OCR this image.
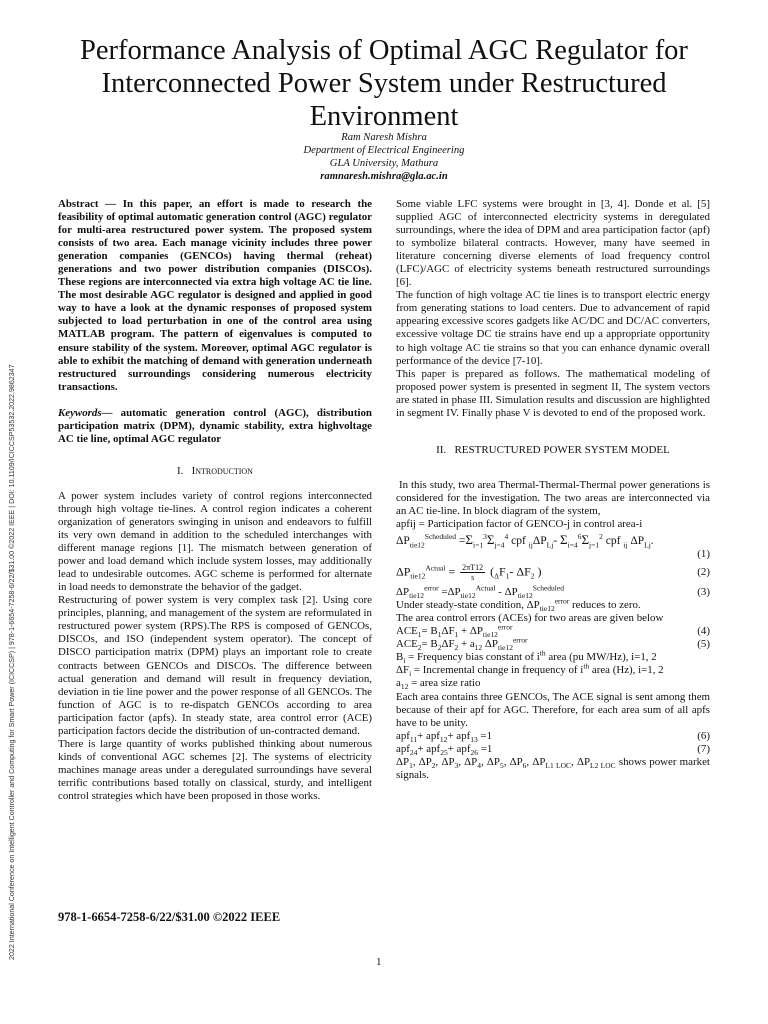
2022 International Conference on Intelligent Controller and Computing for Smart Power (ICICCSP) | 978-1-6654-7258-6/22/$31.00 ©2022 IEEE | DOI: 10.1109/ICICCSP53532.2022.9862347
Performance Analysis of Optimal AGC Regulator for Interconnected Power System under Restructured Environment
Ram Naresh Mishra
Department of Electrical Engineering
GLA University, Mathura
ramnaresh.mishra@gla.ac.in

Abstract — In this paper, an effort is made to research the feasibility of optimal automatic generation control (AGC) regulator for multi-area restructured power system. The proposed system consists of two area. Each manage vicinity includes three power generation companies (GENCOs) having thermal (reheat) generations and two power distribution companies (DISCOs). These regions are interconnected via extra high voltage AC tie line. The most desirable AGC regulator is designed and applied in good way to have a look at the dynamic responses of proposed system subjected to load perturbation in one of the control area using MATLAB program. The pattern of eigenvalues is computed to ensure stability of the system. Moreover, optimal AGC regulator is able to exhibit the matching of demand with generation underneath restructured surroundings considering numerous electricity transactions.

Keywords— automatic generation control (AGC), distribution participation matrix (DPM), dynamic stability, extra highvoltage AC tie line, optimal AGC regulator

I. Introduction

A power system includes variety of control regions interconnected through high voltage tie-lines. A control region indicates a coherent organization of generators swinging in unison and endeavors to fulfill its very own demand in addition to the scheduled interchanges with different manage regions [1]. The mismatch between generation of power and load demand which include system losses, may additionally lead to undesirable outcomes. AGC scheme is performed for alternate in load needs to demonstrate the behavior of the gadget.

Restructuring of power system is very complex task [2]. Using core principles, planning, and management of the system are reformulated in restructured power system (RPS).The RPS is composed of GENCOs, DISCOs, and ISO (independent system operator). The concept of DISCO participation matrix (DPM) plays an important role to create contracts between GENCOs and DISCOs. The difference between actual generation and demand will result in frequency deviation, deviation in tie line power and the power response of all GENCOs. The function of AGC is to re-dispatch GENCOs according to area participation factor (apfs). In steady state, area control error (ACE) participation factors decide the distribution of un-contracted demand.

There is large quantity of works published thinking about numerous kinds of conventional AGC schemes [2]. The systems of electricity machines manage areas under a deregulated surroundings have several terrific contributions based totally on classical, sturdy, and intelligent control strategies which have been proposed in those works.

Some viable LFC systems were brought in [3, 4]. Donde et al. [5] supplied AGC of interconnected electricity systems in deregulated surroundings, where the idea of DPM and area participation factor (apf) to symbolize bilateral contracts. However, many have seemed in literature concerning diverse elements of load frequency control (LFC)/AGC of electricity systems beneath restructured surroundings [6].

The function of high voltage AC tie lines is to transport electric energy from generating stations to load centers. Due to advancement of rapid appearing excessive scores gadgets like AC/DC and DC/AC converters, excessive voltage DC tie strains have end up a appropriate opportunity to high voltage AC tie strains so that you can enhance dynamic overall performance of the device [7-10].

This paper is prepared as follows. The mathematical modeling of proposed power system is presented in segment II, The system vectors are stated in phase III. Simulation results and discussion are highlighted in segment IV. Finally phase V is devoted to end of the proposed work.

II. RESTRUCTURED POWER SYSTEM MODEL

In this study, two area Thermal-Thermal-Thermal power generations is considered for the investigation. The two areas are interconnected via an AC tie-line. In block diagram of the system,

apfij = Participation factor of GENCO-j in control area-i

$\Delta P_{tie12}^{Scheduled} =\Sigma_{i=1}^3\Sigma_{j=4}^4$ cpf $_{ij}\Delta P_{Lj}-$ $\Sigma_{i=4}^6\Sigma_{j=1}^2$ cpf $_{ij}$ $\Delta P_{Lj}$.
(1)
$\Delta P_{tie12}^{Actual} = \frac{2\pi T12}{s} (_\Delta F_1-$ $\Delta F_2$ )	(2)
$\Delta P_{tie12}^{error} =\Delta P_{tie12}^{Actual} - \Delta P_{tie12}^{Scheduled}$	(3)

Under steady-state condition, $\Delta P_{tie12}^{error}$ reduces to zero.

The area control errors (ACEs) for two areas are given below

$ACE_1= B_1\Delta F_1 + \Delta P_{tie12}^{error}$	(4)
$ACE_2= B_2\Delta F_2 + a_{12}$ $\Delta P_{tie12}^{error}$	(5)

$B_i$ = Frequency bias constant of $i^{th}$ area (pu MW/Hz), i=1, 2

$\Delta F_i$ = Incremental change in frequency of $i^{th}$ area (Hz), i=1, 2

$a_{12}$ = area size ratio

Each area contains three GENCOs, The ACE signal is sent among them because of their apf for AGC. Therefore, for each area sum of all apfs have to be unity.

apf$_{11}$+ apf$_{12}$+ apf$_{13}$ =1	(6)
apf$_{24}$+ apf$_{25}$+ apf$_{26}$ =1	(7)

$\Delta P_1$, $\Delta P_2$, $\Delta P_3$, $\Delta P_4$, $\Delta P_5$, $\Delta P_6$, $\Delta P_{L1 LOC}$, $\Delta P_{L2 LOC}$ shows power market signals.

978-1-6654-7258-6/22/$31.00 ©2022 IEEE
1
